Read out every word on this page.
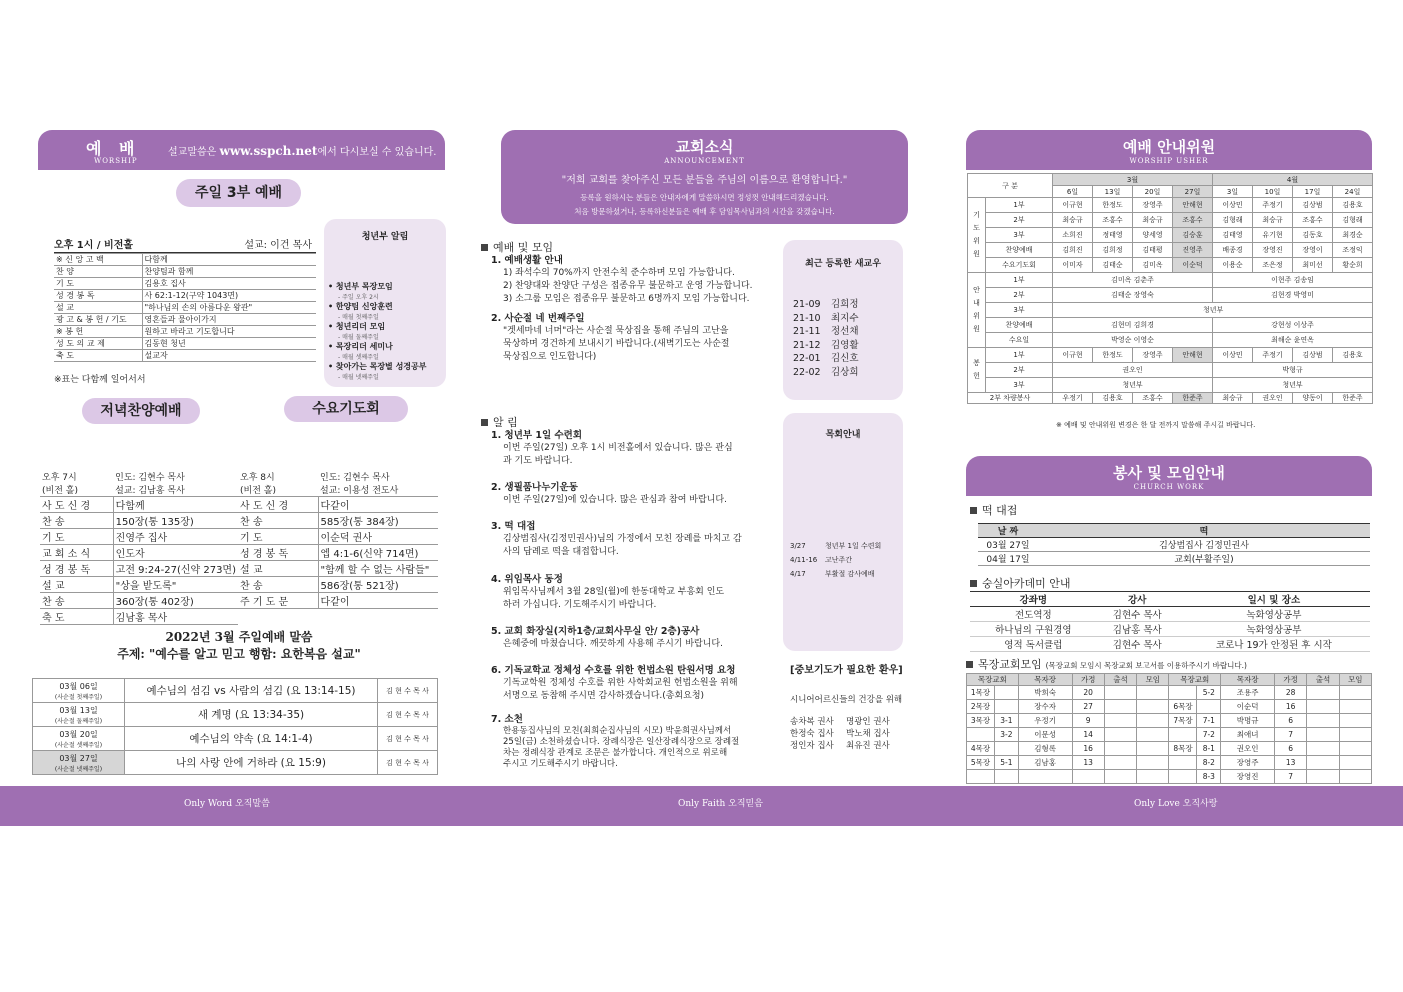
예 배
WORSHIP
설교말씀은 www.sspch.net에서 다시보실 수 있습니다.
주일 3부 예배
오후 1시 / 비전홀	설교: 이건 목사
※ 신 앙 고 백	다함께
찬 양	찬양팀과 함께
기 도	김용호 집사
성 경 봉 독	사 62:1-12(구약 1043면)
설 교	"하나님의 손의 아름다운 왕관"
광 고 & 봉 헌 / 기도	영혼들과 물아이가지
※ 봉 헌	원하고 바라고 기도합니다
성 도 의 교 제	김동현 청년
축 도	설교자
※표는 다함께 일어서서
청년부 알림
• 청년부 목장모임
- 주일 오후 2시
• 한양팀 신앙훈련
- 매월 첫째주일
• 청년리더 모임
- 매월 둘째주일
• 목장리더 세미나
- 매월 셋째주일
• 찾아가는 목장별 성경공부
- 매월 넷째주일
저녁찬양예배	수요기도회
오후 7시	인도: 김현수 목사
(비전 홀)	설교: 김남홍 목사
사 도 신 경	다함께
찬 송	150장(통 135장)
기 도	진영주 집사
교 회 소 식	인도자
성 경 봉 독	고전 9:24-27(신약 273면)
설 교	"상을 받도록"
찬 송	360장(통 402장)
축 도	김남홍 목사
오후 8시	인도: 김현수 목사
(비전 홀)	설교: 이용성 전도사
사 도 신 경	다같이
찬 송	585장(통 384장)
기 도	이순덕 권사
성 경 봉 독	엡 4:1-6(신약 714면)
설 교	"함께 할 수 없는 사람들"
찬 송	586장(통 521장)
주 기 도 문	다같이
2022년 3월 주일예배 말씀
주제: "예수를 알고 믿고 행함: 요한복음 설교"
03월 06일
(사순절 첫째주일)	예수님의 섬김 vs 사람의 섬김 (요 13:14-15)	김 현 수 목 사

03월 13일
(사순절 둘째주일)	새 계명 (요 13:34-35)	김 현 수 목 사

03월 20일
(사순절 셋째주일)	예수님의 약속 (요 14:1-4)	김 현 수 목 사

03월 27일
(사순절 넷째주일)	나의 사랑 안에 거하라 (요 15:9)	김 현 수 목 사
교회소식
ANNOUNCEMENT
"저희 교회를 찾아주신 모든 분들을 주님의 이름으로 환영합니다."
등록을 원하시는 분들은 안내자에게 말씀하시면 정성껏 안내해드리겠습니다.
처음 방문하셨거나, 등록하신분들은 예배 후 담임목사님과의 시간을 갖겠습니다.
예배 및 모임
1. 예배생활 안내
1) 좌석수의 70%까지 안전수칙 준수하며 모임 가능합니다.
2) 찬양대와 찬양단 구성은 접종유무 불문하고 운영 가능합니다.
3) 소그룹 모임은 접종유무 불문하고 6명까지 모임 가능합니다.
2. 사순절 네 번째주일
"겟세마네 너머"라는 사순절 묵상집을 통해 주님의 고난을
묵상하며 경건하게 보내시기 바랍니다.(새벽기도는 사순절
묵상집으로 인도합니다)
알 림
1. 청년부 1일 수련회
이번 주일(27일) 오후 1시 비전홀에서 있습니다. 많은 관심
과 기도 바랍니다.
2. 생필품나누기운동
이번 주일(27일)에 있습니다. 많은 관심과 참여 바랍니다.
3. 떡 대접
김상범집사(김정민권사)님의 가정에서 모친 장례를 마치고 감
사의 답례로 떡을 대접합니다.
4. 위임목사 동정
위임목사님께서 3월 28일(월)에 한동대학교 부흥회 인도
하러 가십니다. 기도해주시기 바랍니다.
5. 교회 화장실(지하1층/교회사무실 안/ 2층)공사
은혜중에 마쳤습니다. 깨끗하게 사용해 주시기 바랍니다.
6. 기독교학교 정체성 수호를 위한 헌법소원 탄원서명 요청
기독교학원 정체성 수호를 위한 사학회교원 헌법소원을 위해
서명으로 동참해 주시면 감사하겠습니다.(총회요청)
7. 소천
한용동집사님의 모친(최희순집사님의 시모) 박윤희권사님께서
25일(금) 소천하셨습니다. 장례식장은 일산장례식장으로 장례절
차는 정례식장 관계로 조문은 불가합니다. 개인적으로 위로해
주시고 기도해주시기 바랍니다.
최근 등록한 새교우
21-09 김희정
21-10 최지수
21-11 정선채
21-12 김영활
22-01 김신호
22-02 김상희
목회안내
3/27	청년부 1일 수련회
4/11-16 고난주간
4/17	부활절 감사예배
[중보기도가 필요한 환우]
시니어어르신들의 건강을 위해
송차복 권사 명광인 권사
한정숙 집사 박노채 집사
정인자 집사 최유진 권사
예배 안내위원
WORSHIP USHER
구 분		3월				4월			
		6일	13일	20일	27일	3일	10일	17일	24일
기도위원	1부	이규현	한정도	장영주	안해현	이상민	주정기	김상범	김용호
	2부	최승규	조홍수	최승규	조홍수	김형래	최승규	조홍수	김형래
	3부	소희진	정태영	양세영	김승훈	김태영	유기현	김동호	최경순
	찬양예배	김희진	김희정	김태평	진영주	배종경	장영진	장영이	조정익
	수요기도회	이미자	김태순	김미옥	이순덕	이용순	조은정	최미선	황순희
안내위원	1부	김미옥 김춘주				이현주 김송임			
	2부	김태순 장영숙				김현경 박영미			
	3부	청년부							
	찬양예배	김현미 김희경				강현성 이상주			
	수요일	박영순 이영순				최해순 윤연옥			
봉헌	1부	이규현	한정도	장영주	안해현	이상민	주정기	김상범	김용호
	2부	권오인				박형규			
	3부	청년부				청년부			
2부 차량봉사		우정기	김용호	조홍수	한준주	최승규	권오인	양동이	한준주
※ 예배 및 안내위원 변경은 한 달 전까지 말씀해 주시길 바랍니다.
봉사 및 모임안내
CHURCH WORK
떡 대접
날 짜	떡
03월 27일	김상범집사 김정민권사
04월 17일	교회(부활주일)
숭실아카데미 안내
강좌명	강사	일시 및 장소
전도역정	김현수 목사	녹화영상공부
하나님의 구원경영	김남홍 목사	녹화영상공부
영적 독서클럽	김현수 목사	코로나 19가 안정된 후 시작
목장교회모임 (목장교회 모임시 목장교회 보고서를 이용하주시기 바랍니다.)
목장교회		목자장	가정	출석	모임	목장교회		목자장	가정	출석	모임
1목장		박희숙	20				5-2	조용주	28		
2목장		장수자	27			6목장		이순덕	16		
3목장	3-1	우정기	9			7목장	7-1	박명규	6		
	3-2	이문성	14				7-2	최애녀	7		
4목장		김형록	16			8목장	8-1	권오인	6		
5목장	5-1	김남홍	13				8-2	장영주	13		
							8-3	장영진	7		
Only Word 오직말씀	Only Faith 오직믿음	Only Love 오직사랑
